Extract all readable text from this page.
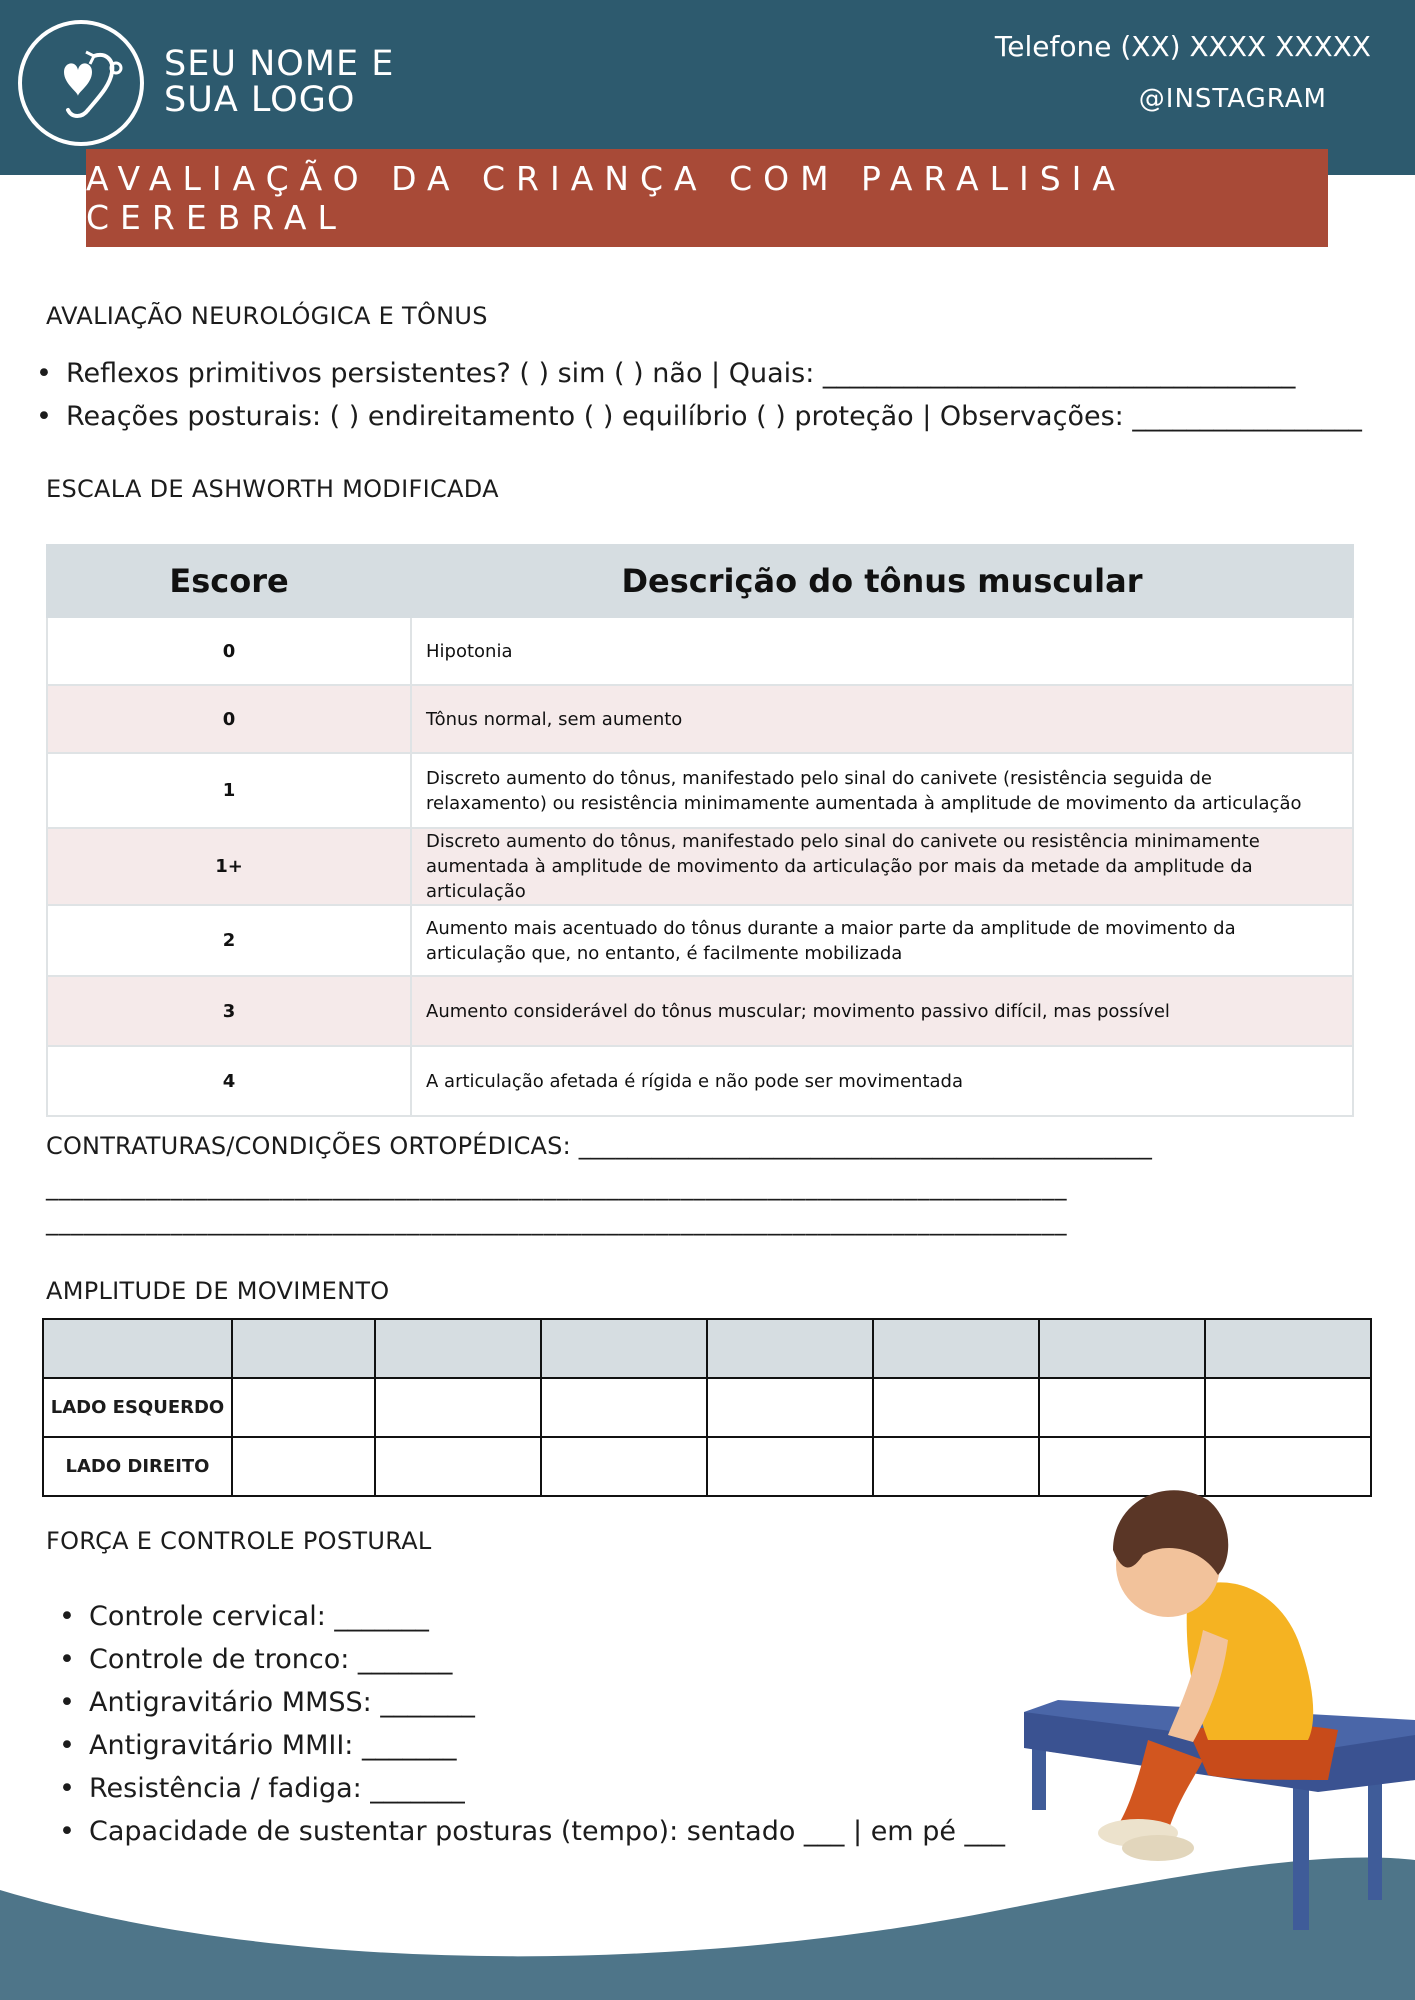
SEU NOME E
SUA LOGO
Telefone (XX) XXXX XXXXX
@INSTAGRAM
AVALIAÇÃO DA CRIANÇA COM PARALISIA CEREBRAL
AVALIAÇÃO NEUROLÓGICA E TÔNUS
• Reflexos primitivos persistentes? ( ) sim ( ) não | Quais: ___________________________________
• Reações posturais: ( ) endireitamento ( ) equilíbrio ( ) proteção | Observações: _________________
ESCALA DE ASHWORTH MODIFICADA
Escore	Descrição do tônus muscular
0	Hipotonia
0	Tônus normal, sem aumento
1	Discreto aumento do tônus, manifestado pelo sinal do canivete (resistência seguida de relaxamento) ou resistência minimamente aumentada à amplitude de movimento da articulação
1+	Discreto aumento do tônus, manifestado pelo sinal do canivete ou resistência minimamente aumentada à amplitude de movimento da articulação por mais da metade da amplitude da articulação
2	Aumento mais acentuado do tônus durante a maior parte da amplitude de movimento da articulação que, no entanto, é facilmente mobilizada
3	Aumento considerável do tônus muscular; movimento passivo difícil, mas possível
4	A articulação afetada é rígida e não pode ser movimentada
CONTRATURAS/CONDIÇÕES ORTOPÉDICAS: _______________________________________________
__________________________________________________________________________________
__________________________________________________________________________________
AMPLITUDE DE MOVIMENTO

LADO ESQUERDO							
LADO DIREITO							
FORÇA E CONTROLE POSTURAL
• Controle cervical: _______
• Controle de tronco: _______
• Antigravitário MMSS: _______
• Antigravitário MMII: _______
• Resistência / fadiga: _______
• Capacidade de sustentar posturas (tempo): sentado ___ | em pé ___
